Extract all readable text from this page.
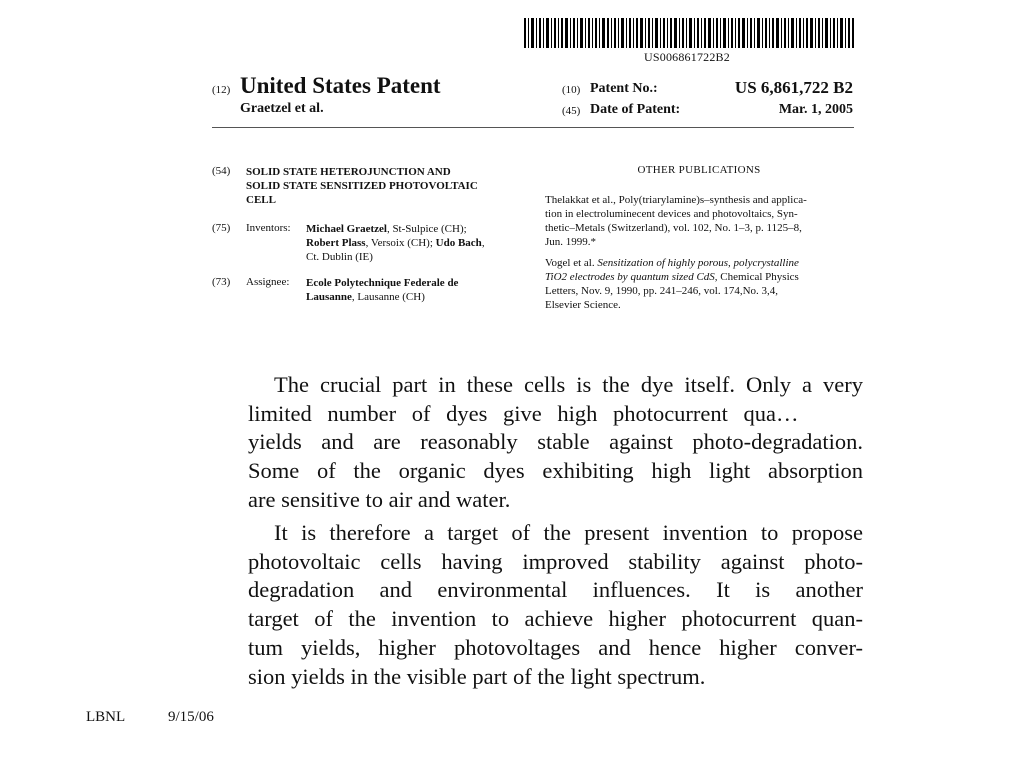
US006861722B2
(12) United States Patent
Graetzel et al.
(10) Patent No.:	US 6,861,722 B2
(45) Date of Patent:	Mar. 1, 2005
(54) SOLID STATE HETEROJUNCTION AND
SOLID STATE SENSITIZED PHOTOVOLTAIC
CELL
(75) Inventors: Michael Graetzel, St-Sulpice (CH);
Robert Plass, Versoix (CH); Udo Bach,
Ct. Dublin (IE)
(73) Assignee: Ecole Polytechnique Federale de
Lausanne, Lausanne (CH)
OTHER PUBLICATIONS
Thelakkat et al., Poly(triarylamine)s–synthesis and applica-
tion in electroluminecent devices and photovoltaics, Syn-
thetic–Metals (Switzerland), vol. 102, No. 1–3, p. 1125–8,
Jun. 1999.*
Vogel et al. Sensitization of highly porous, polycrystalline
TiO2 electrodes by quantum sized CdS, Chemical Physics
Letters, Nov. 9, 1990, pp. 241–246, vol. 174,No. 3,4,
Elsevier Science.
The crucial part in these cells is the dye itself. Only a very
limited number of dyes give high photocurrent qua…
yields and are reasonably stable against photo-degradation.
Some of the organic dyes exhibiting high light absorption
are sensitive to air and water.
It is therefore a target of the present invention to propose
photovoltaic cells having improved stability against photo-
degradation and environmental influences. It is another
target of the invention to achieve higher photocurrent quan-
tum yields, higher photovoltages and hence higher conver-
sion yields in the visible part of the light spectrum.
LBNL	9/15/06
